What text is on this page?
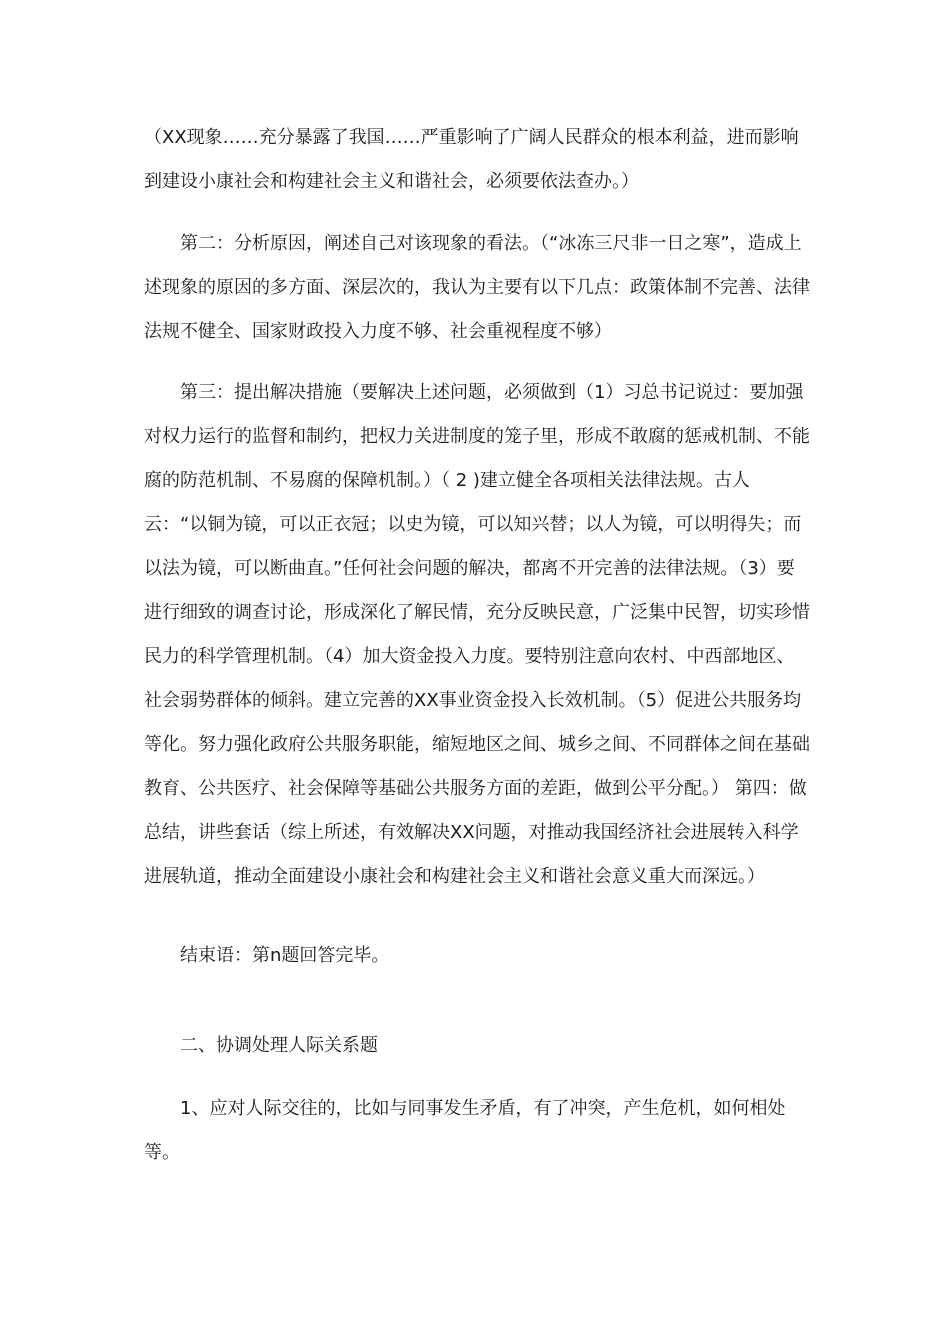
（XX现象……充分暴露了我国……严重影响了广阔人民群众的根本利益，进而影响到建设小康社会和构建社会主义和谐社会，必须要依法查办。）

第二：分析原因，阐述自己对该现象的看法。（“冰冻三尺非一日之寒”，造成上述现象的原因的多方面、深层次的，我认为主要有以下几点：政策体制不完善、法律法规不健全、国家财政投入力度不够、社会重视程度不够）

第三：提出解决措施（要解决上述问题，必须做到（1）习总书记说过：要加强对权力运行的监督和制约，把权力关进制度的笼子里，形成不敢腐的惩戒机制、不能腐的防范机制、不易腐的保障机制。）（ 2 )建立健全各项相关法律法规。古人云：“以铜为镜，可以正衣冠；以史为镜，可以知兴替；以人为镜，可以明得失；而以法为镜，可以断曲直。”任何社会问题的解决，都离不开完善的法律法规。（3）要进行细致的调查讨论，形成深化了解民情，充分反映民意，广泛集中民智，切实珍惜民力的科学管理机制。（4）加大资金投入力度。要特别注意向农村、中西部地区、社会弱势群体的倾斜。建立完善的XX事业资金投入长效机制。（5）促进公共服务均等化。努力强化政府公共服务职能，缩短地区之间、城乡之间、不同群体之间在基础教育、公共医疗、社会保障等基础公共服务方面的差距，做到公平分配。） 第四：做总结，讲些套话（综上所述，有效解决XX问题，对推动我国经济社会进展转入科学进展轨道，推动全面建设小康社会和构建社会主义和谐社会意义重大而深远。）

结束语：第n题回答完毕。

二、协调处理人际关系题

1、应对人际交往的，比如与同事发生矛盾，有了冲突，产生危机，如何相处等。
